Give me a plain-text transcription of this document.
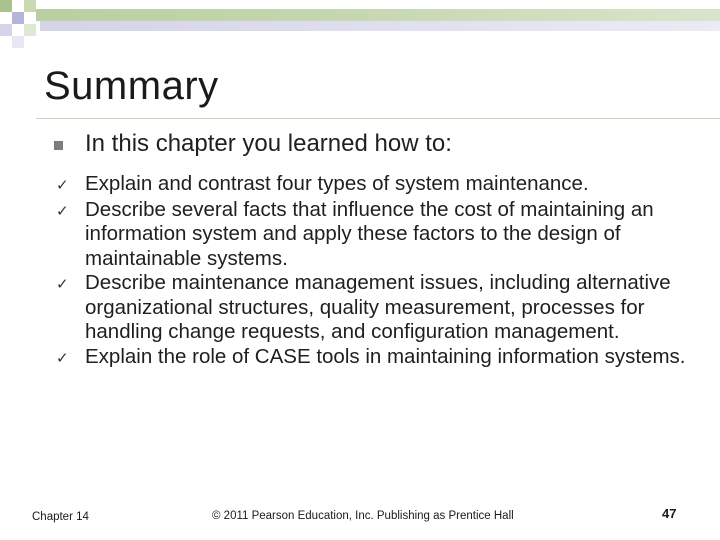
Summary
In this chapter you learned how to:
✓ Explain and contrast four types of system maintenance.
✓ Describe several facts that influence the cost of maintaining an information system and apply these factors to the design of maintainable systems.
✓ Describe maintenance management issues, including alternative organizational structures, quality measurement, processes for handling change requests, and configuration management.
✓ Explain the role of CASE tools in maintaining information systems.
Chapter 14	© 2011 Pearson Education, Inc. Publishing as Prentice Hall	47
